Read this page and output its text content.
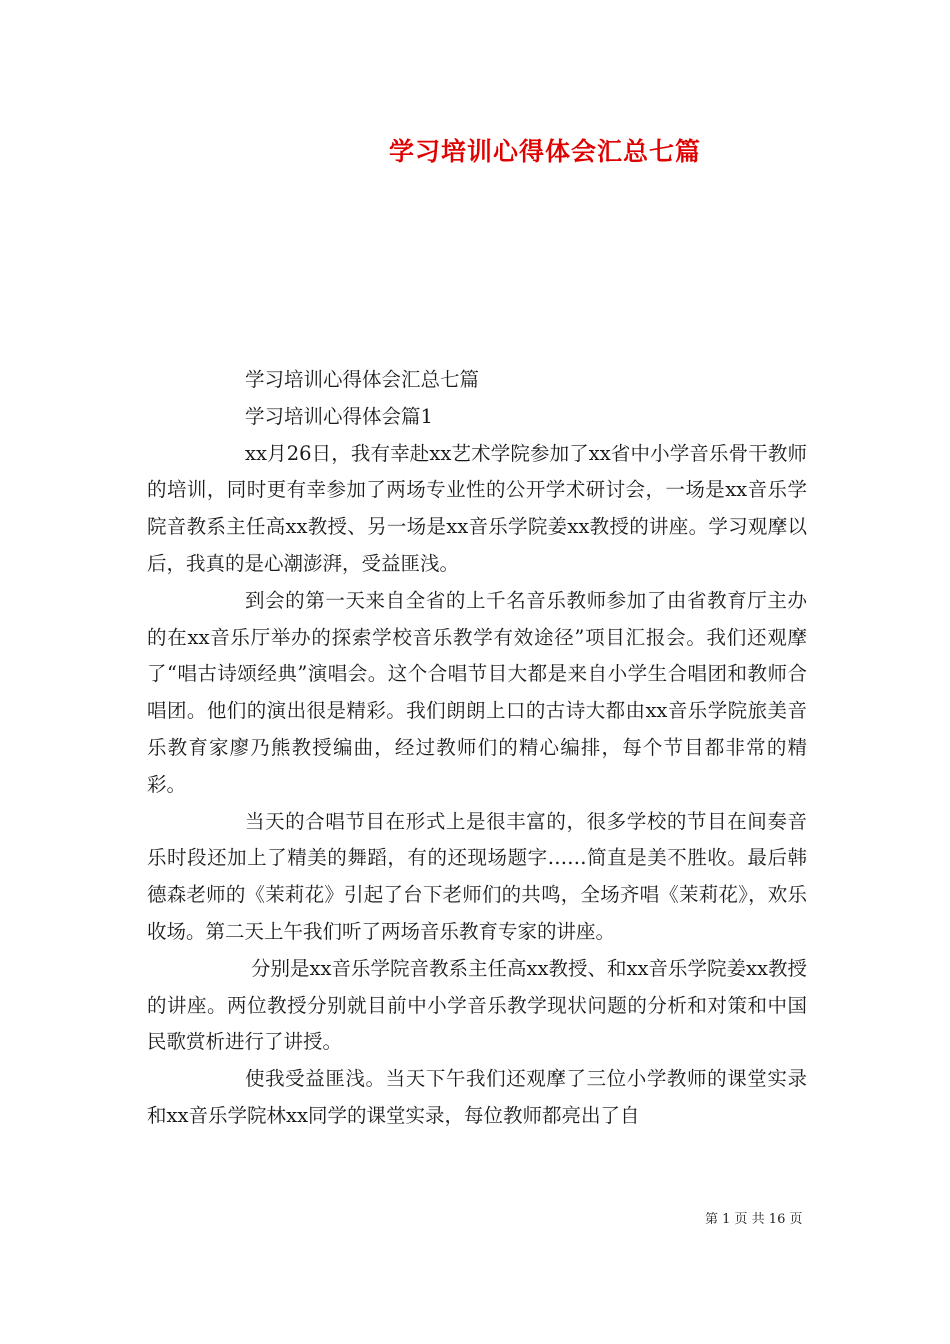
学习培训心得体会汇总七篇

学习培训心得体会汇总七篇

学习培训心得体会篇1

xx月26日，我有幸赴xx艺术学院参加了xx省中小学音乐骨干教师的培训，同时更有幸参加了两场专业性的公开学术研讨会，一场是xx音乐学院音教系主任高xx教授、另一场是xx音乐学院姜xx教授的讲座。学习观摩以后，我真的是心潮澎湃，受益匪浅。

到会的第一天来自全省的上千名音乐教师参加了由省教育厅主办的在xx音乐厅举办的探索学校音乐教学有效途径”项目汇报会。我们还观摩了“唱古诗颂经典”演唱会。这个合唱节目大都是来自小学生合唱团和教师合唱团。他们的演出很是精彩。我们朗朗上口的古诗大都由xx音乐学院旅美音乐教育家廖乃熊教授编曲，经过教师们的精心编排，每个节目都非常的精彩。

当天的合唱节目在形式上是很丰富的，很多学校的节目在间奏音乐时段还加上了精美的舞蹈，有的还现场题字……简直是美不胜收。最后韩德森老师的《茉莉花》引起了台下老师们的共鸣，全场齐唱《茉莉花》，欢乐收场。第二天上午我们听了两场音乐教育专家的讲座。

分别是xx音乐学院音教系主任高xx教授、和xx音乐学院姜xx教授的讲座。两位教授分别就目前中小学音乐教学现状问题的分析和对策和中国民歌赏析进行了讲授。

使我受益匪浅。当天下午我们还观摩了三位小学教师的课堂实录和xx音乐学院林xx同学的课堂实录，每位教师都亮出了自

第 1 页 共 16 页
